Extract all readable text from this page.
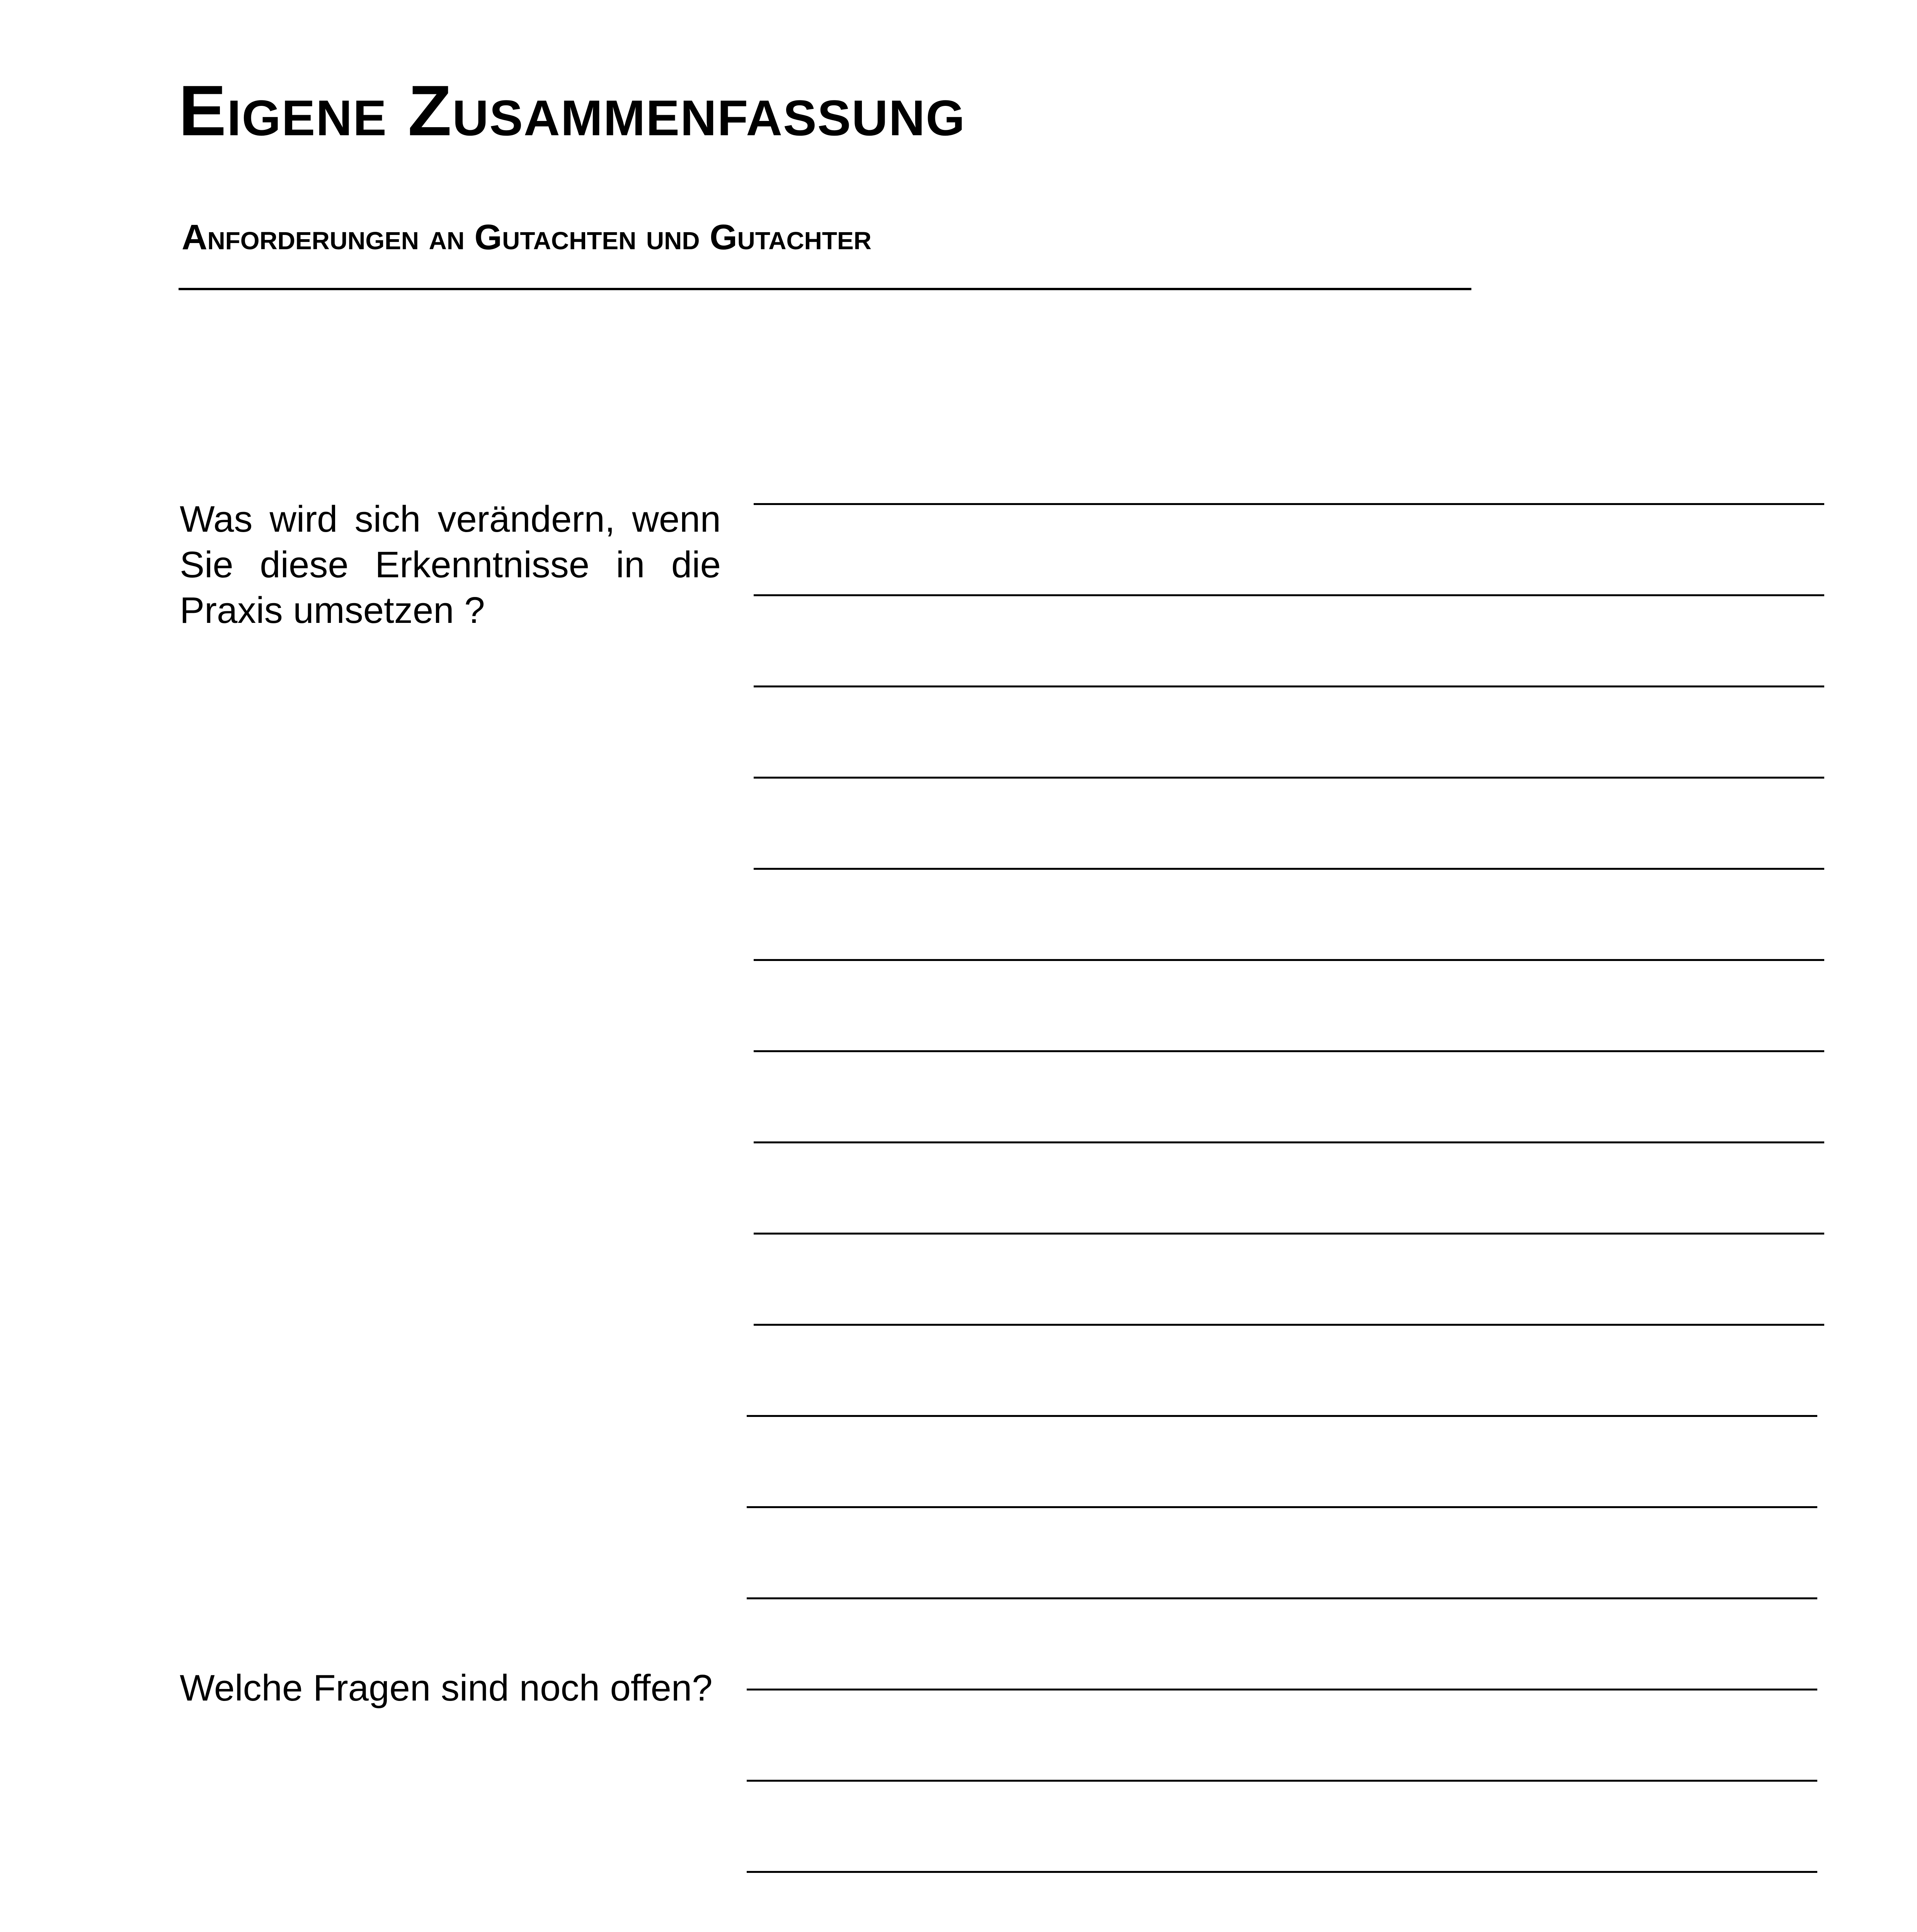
Eigene Zusammenfassung
Anforderungen an Gutachten und Gutachter

Was wird sich verändern, wenn Sie diese Erkenntnisse in die Praxis umsetzen ?

Welche Fragen sind noch offen?
